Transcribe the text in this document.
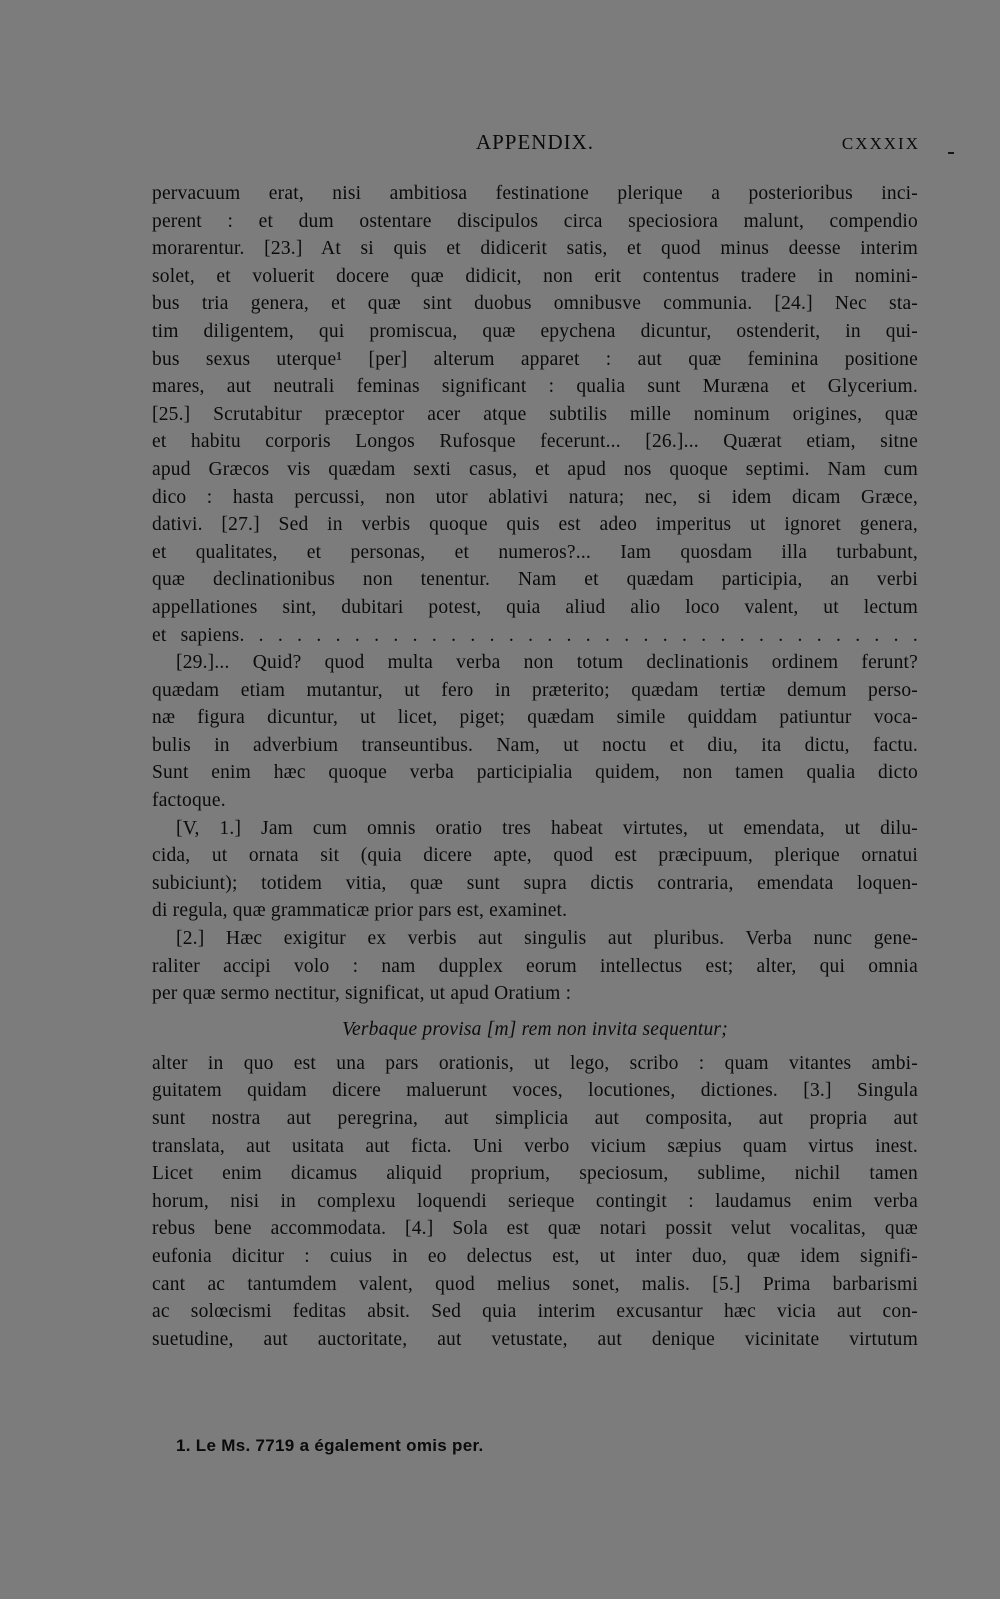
APPENDIX.	CXXXIX
pervacuum erat, nisi ambitiosa festinatione plerique a posterioribus inci-
perent : et dum ostentare discipulos circa speciosiora malunt, compendio
morarentur. [23.] At si quis et didicerit satis, et quod minus deesse interim
solet, et voluerit docere quæ didicit, non erit contentus tradere in nomini-
bus tria genera, et quæ sint duobus omnibusve communia. [24.] Nec sta-
tim diligentem, qui promiscua, quæ epychena dicuntur, ostenderit, in qui-
bus sexus uterque¹ [per] alterum apparet : aut quæ feminina positione
mares, aut neutrali feminas significant : qualia sunt Muræna et Glycerium.
[25.] Scrutabitur præceptor acer atque subtilis mille nominum origines, quæ
et habitu corporis Longos Rufosque fecerunt... [26.]... Quærat etiam, sitne
apud Græcos vis quædam sexti casus, et apud nos quoque septimi. Nam cum
dico : hasta percussi, non utor ablativi natura; nec, si idem dicam Græce,
dativi. [27.] Sed in verbis quoque quis est adeo imperitus ut ignoret genera,
et qualitates, et personas, et numeros?... Iam quosdam illa turbabunt,
quæ declinationibus non tenentur. Nam et quædam participia, an verbi
appellationes sint, dubitari potest, quia aliud alio loco valent, ut lectum
et sapiens. . . . . . . . . . . . . . . . . . . . . . . . . . . . . . . . . . . .
[29.]... Quid? quod multa verba non totum declinationis ordinem ferunt?
quædam etiam mutantur, ut fero in præterito; quædam tertiæ demum perso-
næ figura dicuntur, ut licet, piget; quædam simile quiddam patiuntur voca-
bulis in adverbium transeuntibus. Nam, ut noctu et diu, ita dictu, factu.
Sunt enim hæc quoque verba participialia quidem, non tamen qualia dicto
factoque.
[V, 1.] Jam cum omnis oratio tres habeat virtutes, ut emendata, ut dilu-
cida, ut ornata sit (quia dicere apte, quod est præcipuum, plerique ornatui
subiciunt); totidem vitia, quæ sunt supra dictis contraria, emendata loquen-
di regula, quæ grammaticæ prior pars est, examinet.
[2.] Hæc exigitur ex verbis aut singulis aut pluribus. Verba nunc gene-
raliter accipi volo : nam dupplex eorum intellectus est; alter, qui omnia
per quæ sermo nectitur, significat, ut apud Oratium :
Verbaque provisa [m] rem non invita sequentur;
alter in quo est una pars orationis, ut lego, scribo : quam vitantes ambi-
guitatem quidam dicere maluerunt voces, locutiones, dictiones. [3.] Singula
sunt nostra aut peregrina, aut simplicia aut composita, aut propria aut
translata, aut usitata aut ficta. Uni verbo vicium sæpius quam virtus inest.
Licet enim dicamus aliquid proprium, speciosum, sublime, nichil tamen
horum, nisi in complexu loquendi serieque contingit : laudamus enim verba
rebus bene accommodata. [4.] Sola est quæ notari possit velut vocalitas, quæ
eufonia dicitur : cuius in eo delectus est, ut inter duo, quæ idem signifi-
cant ac tantumdem valent, quod melius sonet, malis. [5.] Prima barbarismi
ac solœcismi feditas absit. Sed quia interim excusantur hæc vicia aut con-
suetudine, aut auctoritate, aut vetustate, aut denique vicinitate virtutum
1. Le Ms. 7719 a également omis per.
